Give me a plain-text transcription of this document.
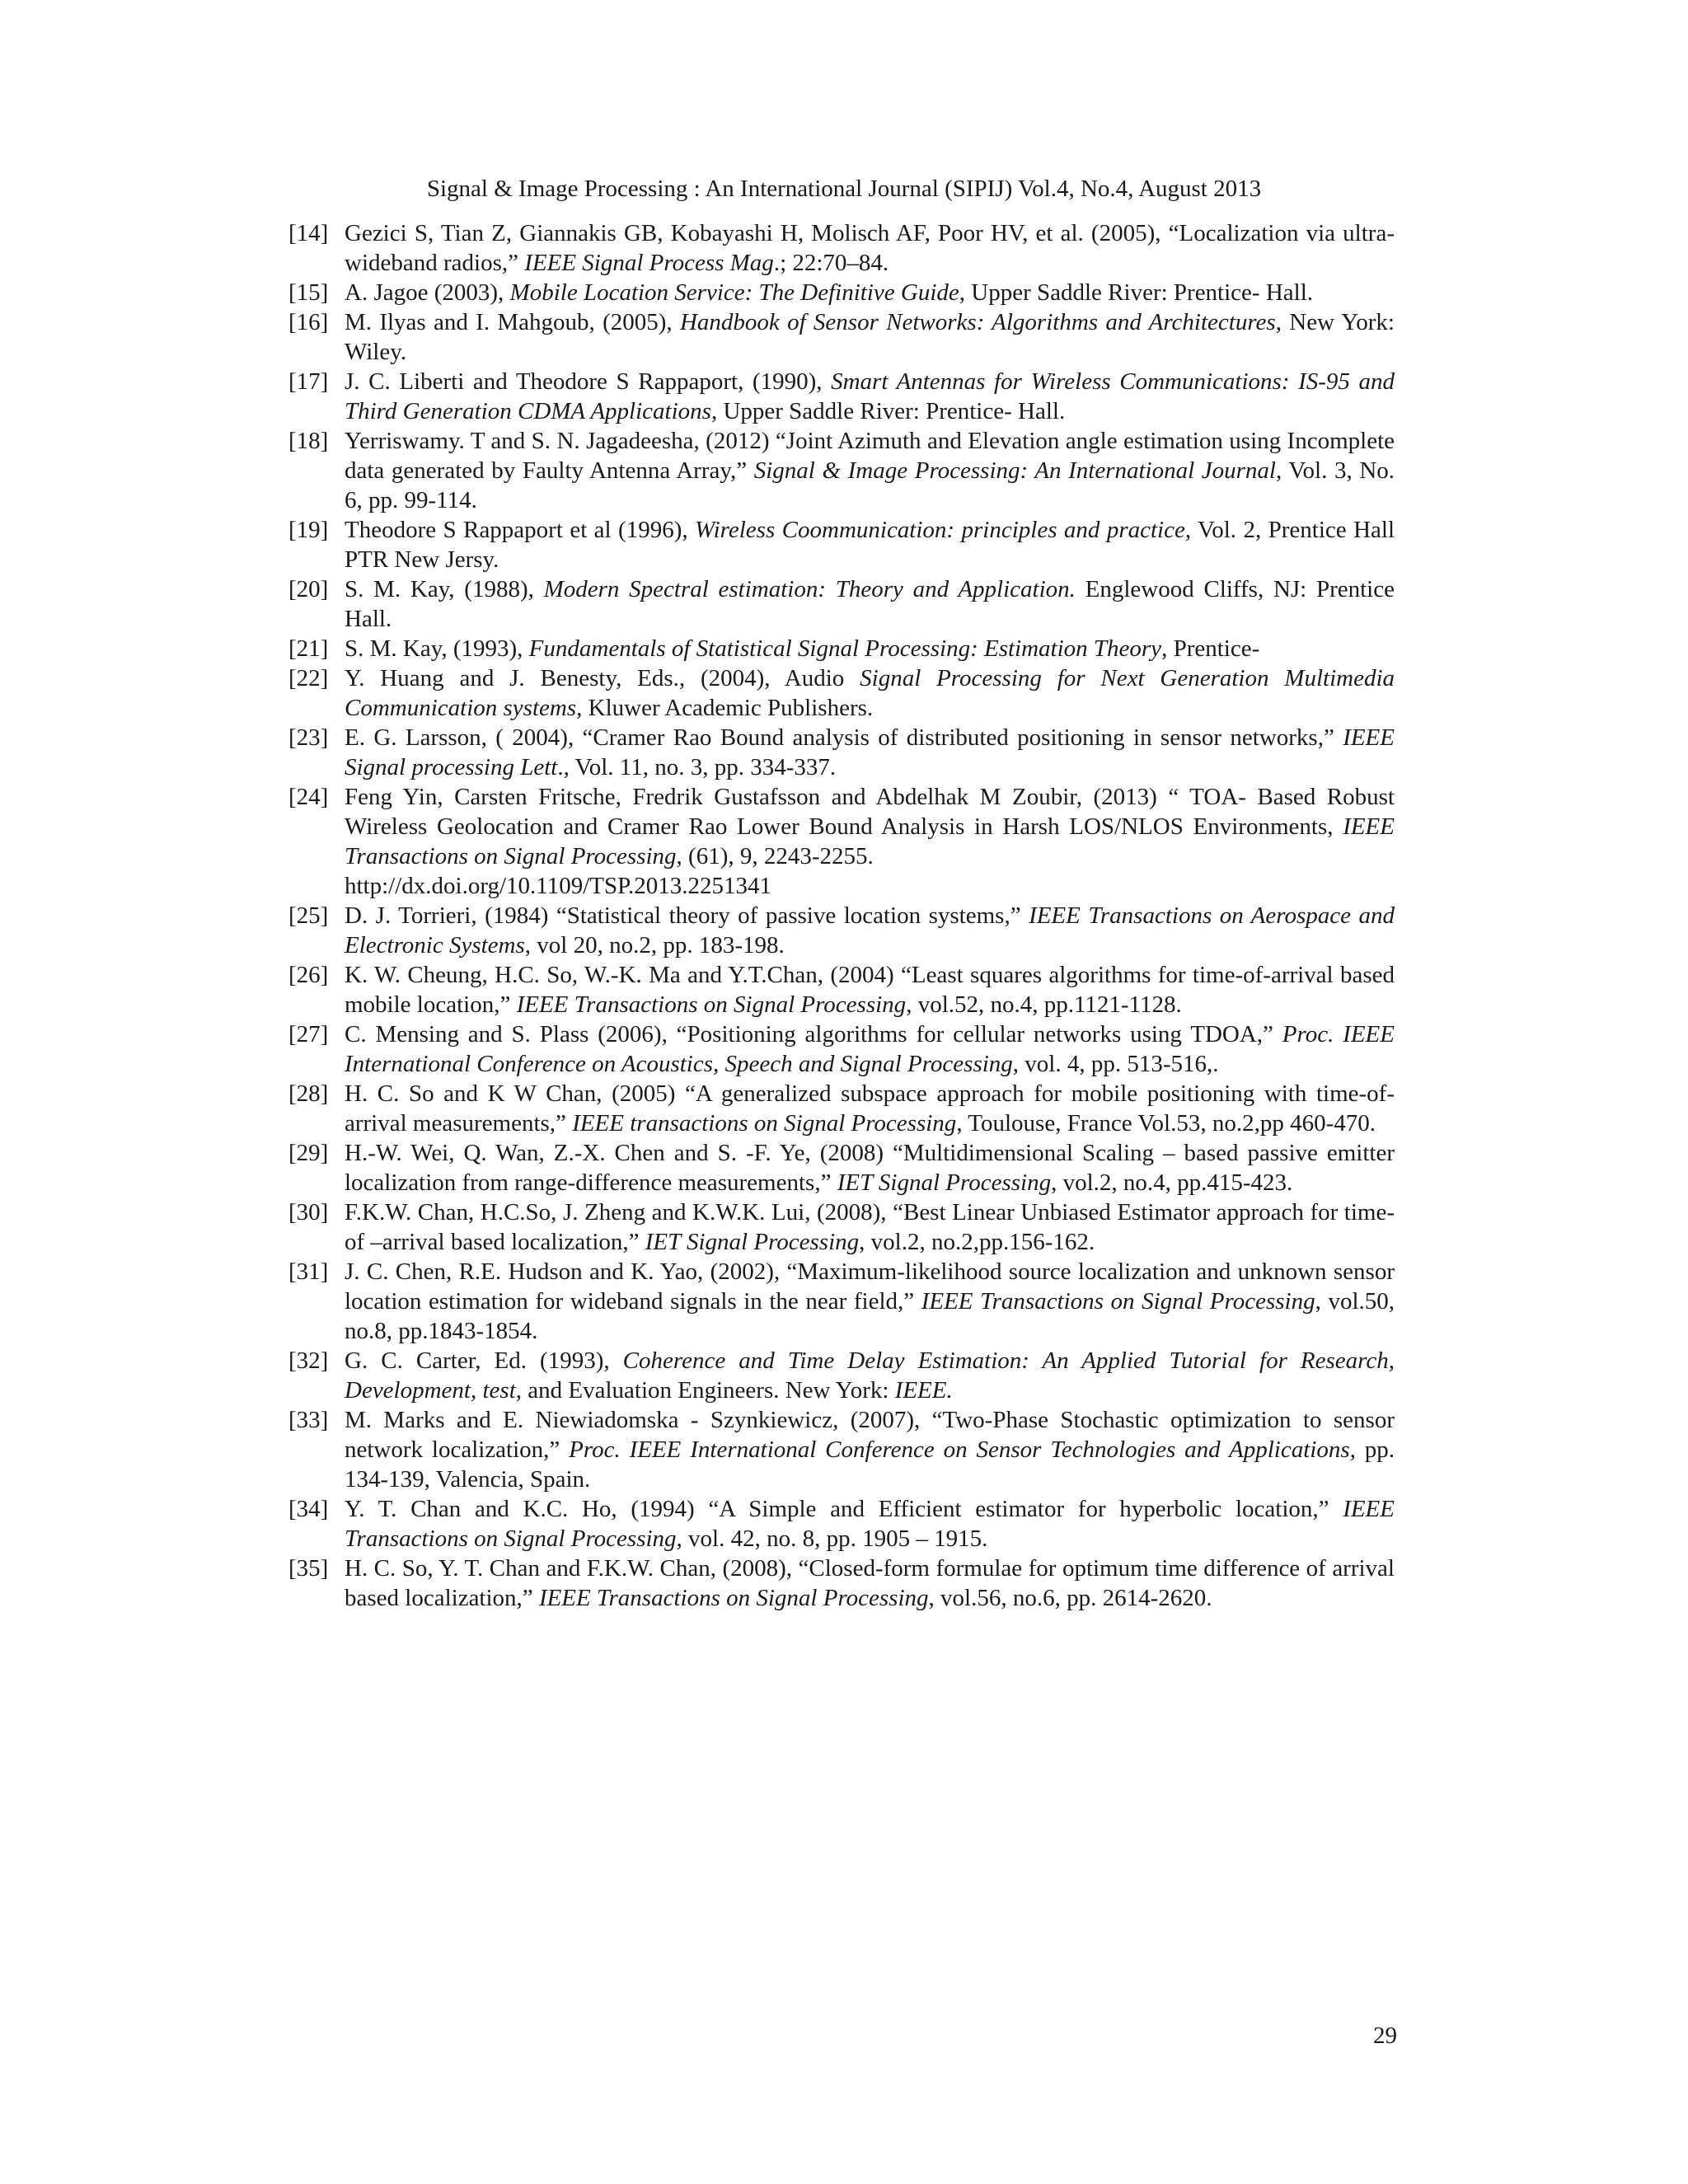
Signal & Image Processing : An International Journal (SIPIJ) Vol.4, No.4, August 2013
[14] Gezici S, Tian Z, Giannakis GB, Kobayashi H, Molisch AF, Poor HV, et al. (2005), “Localization via ultra-wideband radios,” IEEE Signal Process Mag.; 22:70–84.
[15] A. Jagoe (2003), Mobile Location Service: The Definitive Guide, Upper Saddle River: Prentice- Hall.
[16] M. Ilyas and I. Mahgoub, (2005), Handbook of Sensor Networks: Algorithms and Architectures, New York: Wiley.
[17] J. C. Liberti and Theodore S Rappaport, (1990), Smart Antennas for Wireless Communications: IS-95 and Third Generation CDMA Applications, Upper Saddle River: Prentice- Hall.
[18] Yerriswamy. T and S. N. Jagadeesha, (2012) “Joint Azimuth and Elevation angle estimation using Incomplete data generated by Faulty Antenna Array,” Signal & Image Processing: An International Journal, Vol. 3, No. 6, pp. 99-114.
[19] Theodore S Rappaport et al (1996), Wireless Coommunication: principles and practice, Vol. 2, Prentice Hall PTR New Jersy.
[20] S. M. Kay, (1988), Modern Spectral estimation: Theory and Application. Englewood Cliffs, NJ: Prentice Hall.
[21] S. M. Kay, (1993), Fundamentals of Statistical Signal Processing: Estimation Theory, Prentice-
[22] Y. Huang and J. Benesty, Eds., (2004), Audio Signal Processing for Next Generation Multimedia Communication systems, Kluwer Academic Publishers.
[23] E. G. Larsson, ( 2004), “Cramer Rao Bound analysis of distributed positioning in sensor networks,” IEEE Signal processing Lett., Vol. 11, no. 3, pp. 334-337.
[24] Feng Yin, Carsten Fritsche, Fredrik Gustafsson and Abdelhak M Zoubir, (2013) “ TOA- Based Robust Wireless Geolocation and Cramer Rao Lower Bound Analysis in Harsh LOS/NLOS Environments, IEEE Transactions on Signal Processing, (61), 9, 2243-2255.
http://dx.doi.org/10.1109/TSP.2013.2251341
[25] D. J. Torrieri, (1984) “Statistical theory of passive location systems,” IEEE Transactions on Aerospace and Electronic Systems, vol 20, no.2, pp. 183-198.
[26] K. W. Cheung, H.C. So, W.-K. Ma and Y.T.Chan, (2004) “Least squares algorithms for time-of-arrival based mobile location,” IEEE Transactions on Signal Processing, vol.52, no.4, pp.1121-1128.
[27] C. Mensing and S. Plass (2006), “Positioning algorithms for cellular networks using TDOA,” Proc. IEEE International Conference on Acoustics, Speech and Signal Processing, vol. 4, pp. 513-516,.
[28] H. C. So and K W Chan, (2005) “A generalized subspace approach for mobile positioning with time-of-arrival measurements,” IEEE transactions on Signal Processing, Toulouse, France Vol.53, no.2,pp 460-470.
[29] H.-W. Wei, Q. Wan, Z.-X. Chen and S. -F. Ye, (2008) “Multidimensional Scaling – based passive emitter localization from range-difference measurements,” IET Signal Processing, vol.2, no.4, pp.415-423.
[30] F.K.W. Chan, H.C.So, J. Zheng and K.W.K. Lui, (2008), “Best Linear Unbiased Estimator approach for time-of –arrival based localization,” IET Signal Processing, vol.2, no.2,pp.156-162.
[31] J. C. Chen, R.E. Hudson and K. Yao, (2002), “Maximum-likelihood source localization and unknown sensor location estimation for wideband signals in the near field,” IEEE Transactions on Signal Processing, vol.50, no.8, pp.1843-1854.
[32] G. C. Carter, Ed. (1993), Coherence and Time Delay Estimation: An Applied Tutorial for Research, Development, test, and Evaluation Engineers. New York: IEEE.
[33] M. Marks and E. Niewiadomska - Szynkiewicz, (2007), “Two-Phase Stochastic optimization to sensor network localization,” Proc. IEEE International Conference on Sensor Technologies and Applications, pp. 134-139, Valencia, Spain.
[34] Y. T. Chan and K.C. Ho, (1994) “A Simple and Efficient estimator for hyperbolic location,” IEEE Transactions on Signal Processing, vol. 42, no. 8, pp. 1905 – 1915.
[35] H. C. So, Y. T. Chan and F.K.W. Chan, (2008), “Closed-form formulae for optimum time difference of arrival based localization,” IEEE Transactions on Signal Processing, vol.56, no.6, pp. 2614-2620.
29
